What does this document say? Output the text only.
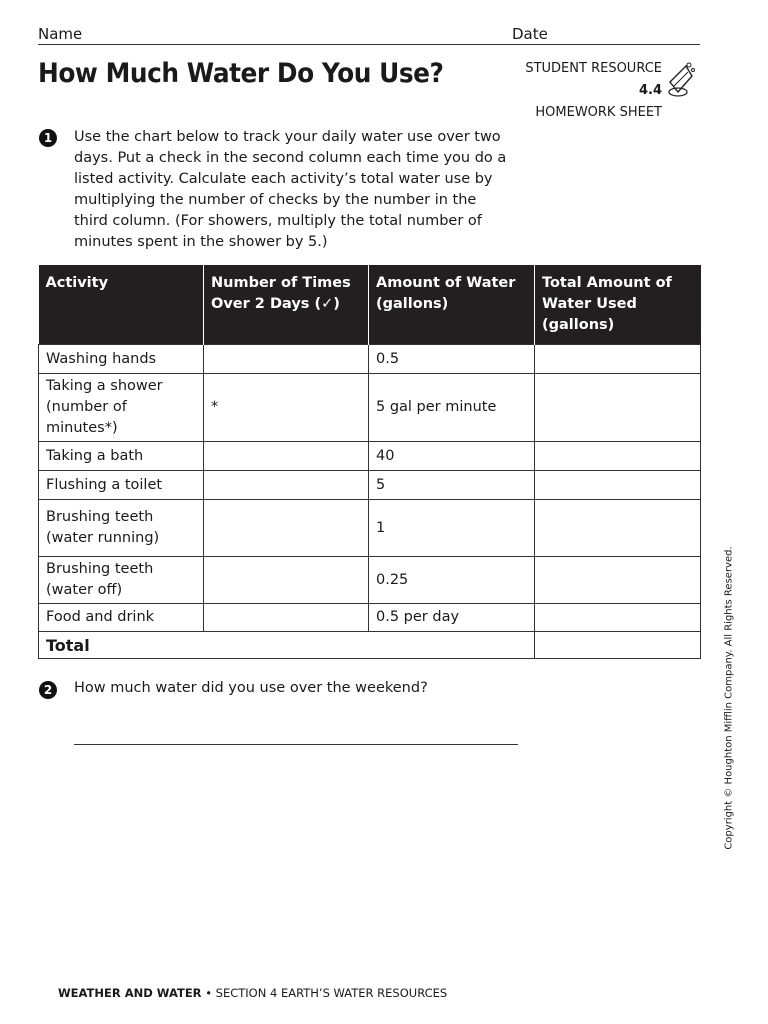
Name	Date
How Much Water Do You Use?	STUDENT RESOURCE 4.4
HOMEWORK SHEET
1	Use the chart below to track your daily water use over two days. Put a check in the second column each time you do a listed activity. Calculate each activity’s total water use by multiplying the number of checks by the number in the third column. (For showers, multiply the total number of minutes spent in the shower by 5.)
Activity	Number of Times Over 2 Days (✓)	Amount of Water (gallons)	Total Amount of Water Used (gallons)
Washing hands		0.5	
Taking a shower (number of minutes*)	*	5 gal per minute	
Taking a bath		40	
Flushing a toilet		5	
Brushing teeth (water running)		1	
Brushing teeth (water off)		0.25	
Food and drink		0.5 per day	
Total			
2	How much water did you use over the weekend?	Copyright © Houghton Mifflin Company. All Rights Reserved.
WEATHER AND WATER • SECTION 4 EARTH’S WATER RESOURCES
